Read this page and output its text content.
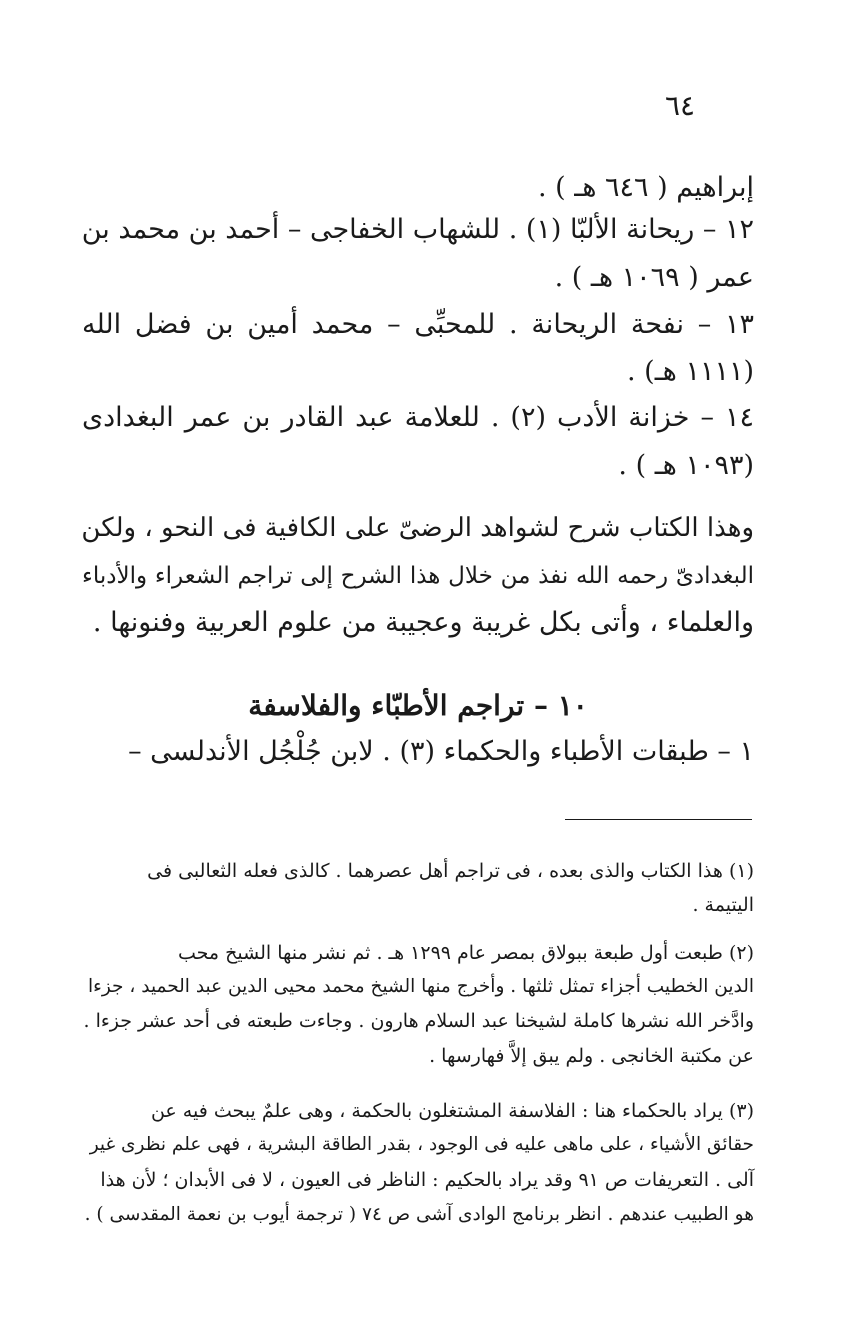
٦٤
إبراهيم ( ٦٤٦ هـ ) .
١٢ – ريحانة الألبّا (١) . للشهاب الخفاجى – أحمد بن محمد بن
عمر ( ١٠٦٩ هـ ) .
١٣ – نفحة الريحانة . للمحبِّى – محمد أمين بن فضل الله
(١١١١ هـ) .
١٤ – خزانة الأدب (٢) . للعلامة عبد القادر بن عمر البغدادى
(١٠٩٣ هـ ) .
وهذا الكتاب شرح لشواهد الرضىّ على الكافية فى النحو ، ولكن
البغدادىّ رحمه الله نفذ من خلال هذا الشرح إلى تراجم الشعراء والأدباء
والعلماء ، وأتى بكل غريبة وعجيبة من علوم العربية وفنونها .
١٠ – تراجم الأطبّاء والفلاسفة
١ – طبقات الأطباء والحكماء (٣) . لابن جُلْجُل الأندلسى –
(١) هذا الكتاب والذى بعده ، فى تراجم أهل عصرهما . كالذى فعله الثعالبى فى
اليتيمة .
(٢) طبعت أول طبعة ببولاق بمصر عام ١٢٩٩ هـ . ثم نشر منها الشيخ محب
الدين الخطيب أجزاء تمثل ثلثها . وأخرج منها الشيخ محمد محيى الدين عبد الحميد ، جزءا
وادَّخر الله نشرها كاملة لشيخنا عبد السلام هارون . وجاءت طبعته فى أحد عشر جزءا .
عن مكتبة الخانجى . ولم يبق إلاَّ فهارسها .
(٣) يراد بالحكماء هنا : الفلاسفة المشتغلون بالحكمة ، وهى علمٌ يبحث فيه عن
حقائق الأشياء ، على ماهى عليه فى الوجود ، بقدر الطاقة البشرية ، فهى علم نظرى غير
آلى . التعريفات ص ٩١ وقد يراد بالحكيم : الناظر فى العيون ، لا فى الأبدان ؛ لأن هذا
هو الطبيب عندهم . انظر برنامج الوادى آشى ص ٧٤ ( ترجمة أيوب بن نعمة المقدسى ) .
